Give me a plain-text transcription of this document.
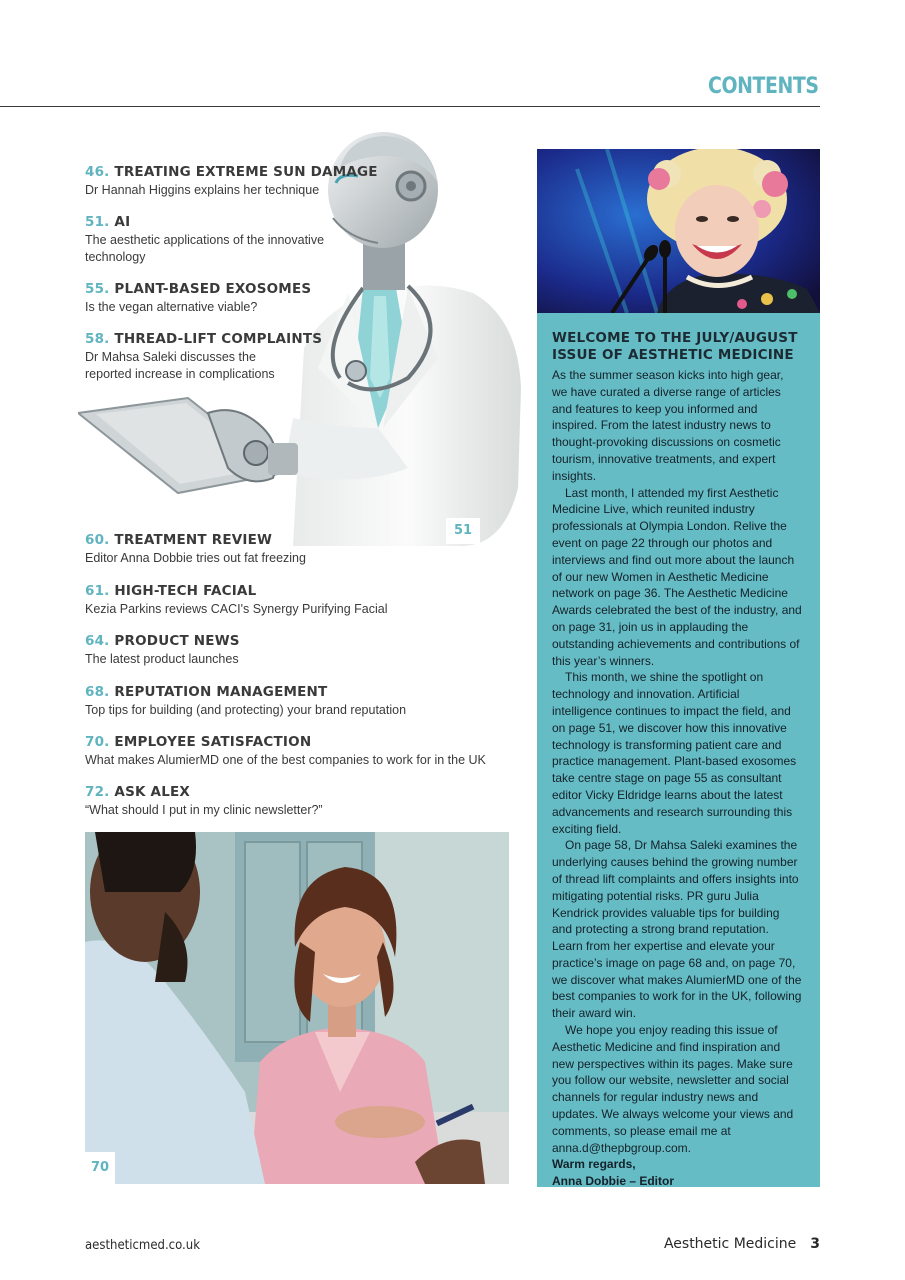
CONTENTS
51
46. TREATING EXTREME SUN DAMAGE
Dr Hannah Higgins explains her technique
51. AI
The aesthetic applications of the innovative technology
55. PLANT-BASED EXOSOMES
Is the vegan alternative viable?
58. THREAD-LIFT COMPLAINTS
Dr Mahsa Saleki discusses the reported increase in complications
60. TREATMENT REVIEW
Editor Anna Dobbie tries out fat freezing
61. HIGH-TECH FACIAL
Kezia Parkins reviews CACI's Synergy Purifying Facial
64. PRODUCT NEWS
The latest product launches
68. REPUTATION MANAGEMENT
Top tips for building (and protecting) your brand reputation
70. EMPLOYEE SATISFACTION
What makes AlumierMD one of the best companies to work for in the UK
72. ASK ALEX
“What should I put in my clinic newsletter?”
70
WELCOME TO THE JULY/AUGUST ISSUE OF AESTHETIC MEDICINE

As the summer season kicks into high gear, we have curated a diverse range of articles and features to keep you informed and inspired. From the latest industry news to thought-provoking discussions on cosmetic tourism, innovative treatments, and expert insights.

Last month, I attended my first Aesthetic Medicine Live, which reunited industry professionals at Olympia London. Relive the event on page 22 through our photos and interviews and find out more about the launch of our new Women in Aesthetic Medicine network on page 36. The Aesthetic Medicine Awards celebrated the best of the industry, and on page 31, join us in applauding the outstanding achievements and contributions of this year’s winners.

This month, we shine the spotlight on technology and innovation. Artificial intelligence continues to impact the field, and on page 51, we discover how this innovative technology is transforming patient care and practice management. Plant-based exosomes take centre stage on page 55 as consultant editor Vicky Eldridge learns about the latest advancements and research surrounding this exciting field.

On page 58, Dr Mahsa Saleki examines the underlying causes behind the growing number of thread lift complaints and offers insights into mitigating potential risks. PR guru Julia Kendrick provides valuable tips for building and protecting a strong brand reputation. Learn from her expertise and elevate your practice’s image on page 68 and, on page 70, we discover what makes AlumierMD one of the best companies to work for in the UK, following their award win.

We hope you enjoy reading this issue of Aesthetic Medicine and find inspiration and new perspectives within its pages. Make sure you follow our website, newsletter and social channels for regular industry news and updates. We always welcome your views and comments, so please email me at anna.d@thepbgroup.com.

Warm regards,
Anna Dobbie – Editor
aestheticmed.co.uk	Aesthetic Medicine 3
